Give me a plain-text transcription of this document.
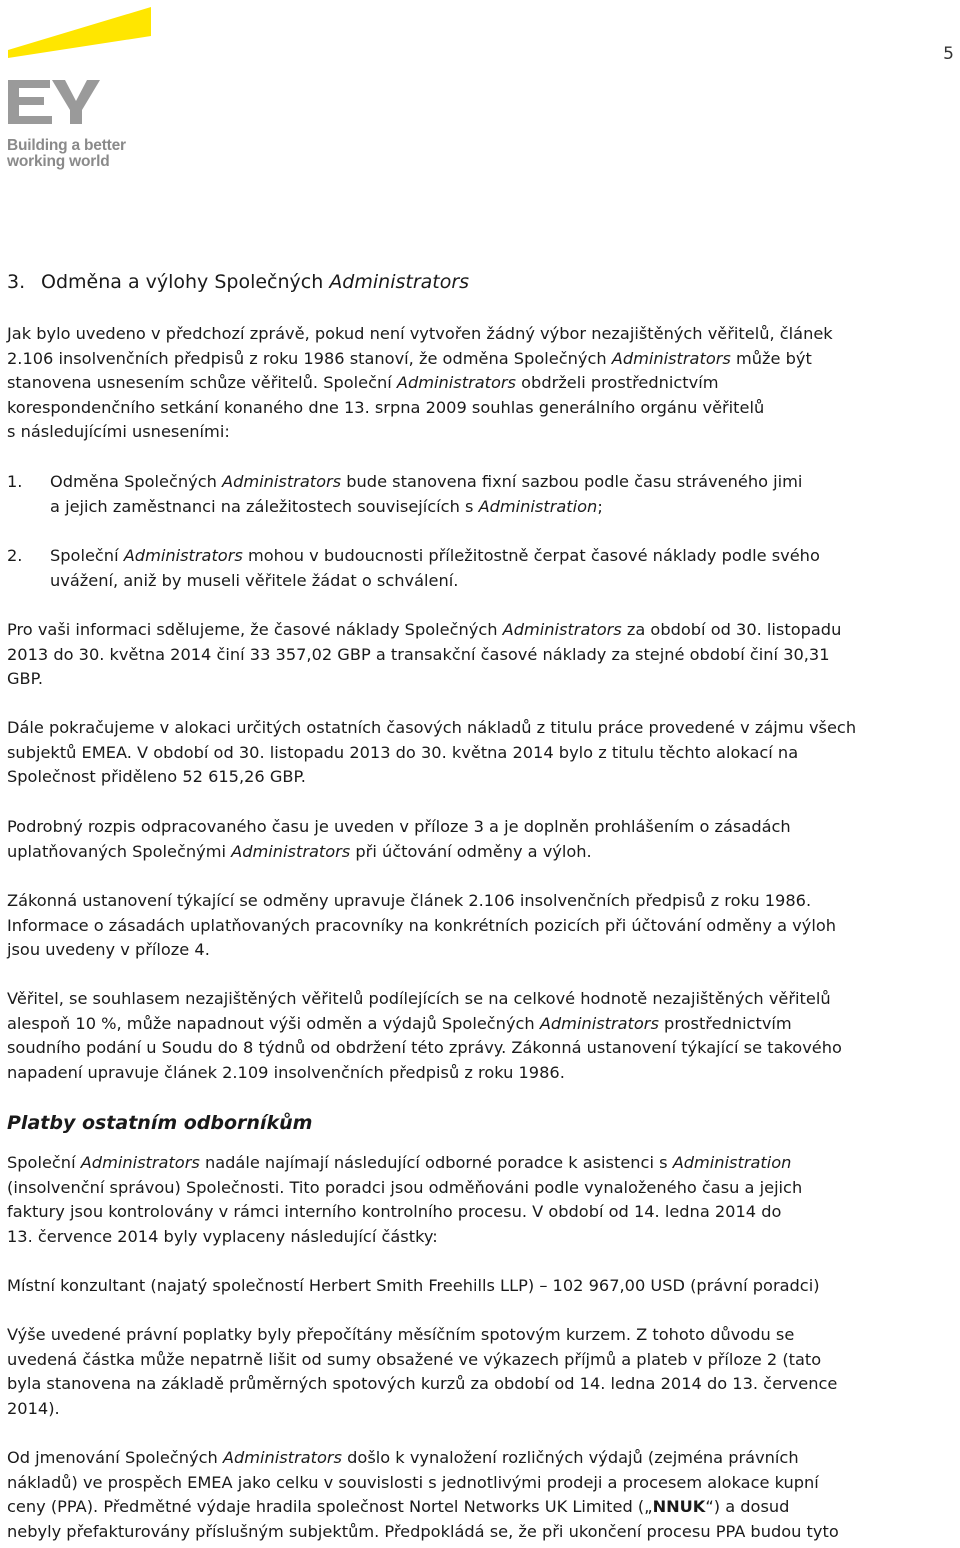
5
Building a better
working world
3. Odměna a výlohy Společných Administrators
Jak bylo uvedeno v předchozí zprávě, pokud není vytvořen žádný výbor nezajištěných věřitelů, článek
2.106 insolvenčních předpisů z roku 1986 stanoví, že odměna Společných Administrators může být
stanovena usnesením schůze věřitelů. Společní Administrators obdrželi prostřednictvím
korespondenčního setkání konaného dne 13. srpna 2009 souhlas generálního orgánu věřitelů
s následujícími usneseními:
1. Odměna Společných Administrators bude stanovena fixní sazbou podle času stráveného jimi
a jejich zaměstnanci na záležitostech souvisejících s Administration;
2. Společní Administrators mohou v budoucnosti příležitostně čerpat časové náklady podle svého
uvážení, aniž by museli věřitele žádat o schválení.
Pro vaši informaci sdělujeme, že časové náklady Společných Administrators za období od 30. listopadu
2013 do 30. května 2014 činí 33 357,02 GBP a transakční časové náklady za stejné období činí 30,31
GBP.
Dále pokračujeme v alokaci určitých ostatních časových nákladů z titulu práce provedené v zájmu všech
subjektů EMEA. V období od 30. listopadu 2013 do 30. května 2014 bylo z titulu těchto alokací na
Společnost přiděleno 52 615,26 GBP.
Podrobný rozpis odpracovaného času je uveden v příloze 3 a je doplněn prohlášením o zásadách
uplatňovaných Společnými Administrators při účtování odměny a výloh.
Zákonná ustanovení týkající se odměny upravuje článek 2.106 insolvenčních předpisů z roku 1986.
Informace o zásadách uplatňovaných pracovníky na konkrétních pozicích při účtování odměny a výloh
jsou uvedeny v příloze 4.
Věřitel, se souhlasem nezajištěných věřitelů podílejících se na celkové hodnotě nezajištěných věřitelů
alespoň 10 %, může napadnout výši odměn a výdajů Společných Administrators prostřednictvím
soudního podání u Soudu do 8 týdnů od obdržení této zprávy. Zákonná ustanovení týkající se takového
napadení upravuje článek 2.109 insolvenčních předpisů z roku 1986.
Platby ostatním odborníkům
Společní Administrators nadále najímají následující odborné poradce k asistenci s Administration
(insolvenční správou) Společnosti. Tito poradci jsou odměňováni podle vynaloženého času a jejich
faktury jsou kontrolovány v rámci interního kontrolního procesu. V období od 14. ledna 2014 do
13. července 2014 byly vyplaceny následující částky:
Místní konzultant (najatý společností Herbert Smith Freehills LLP) – 102 967,00 USD (právní poradci)
Výše uvedené právní poplatky byly přepočítány měsíčním spotovým kurzem. Z tohoto důvodu se
uvedená částka může nepatrně lišit od sumy obsažené ve výkazech příjmů a plateb v příloze 2 (tato
byla stanovena na základě průměrných spotových kurzů za období od 14. ledna 2014 do 13. července
2014).
Od jmenování Společných Administrators došlo k vynaložení rozličných výdajů (zejména právních
nákladů) ve prospěch EMEA jako celku v souvislosti s jednotlivými prodeji a procesem alokace kupní
ceny (PPA). Předmětné výdaje hradila společnost Nortel Networks UK Limited („NNUK“) a dosud
nebyly přefakturovány příslušným subjektům. Předpokládá se, že při ukončení procesu PPA budou tyto
